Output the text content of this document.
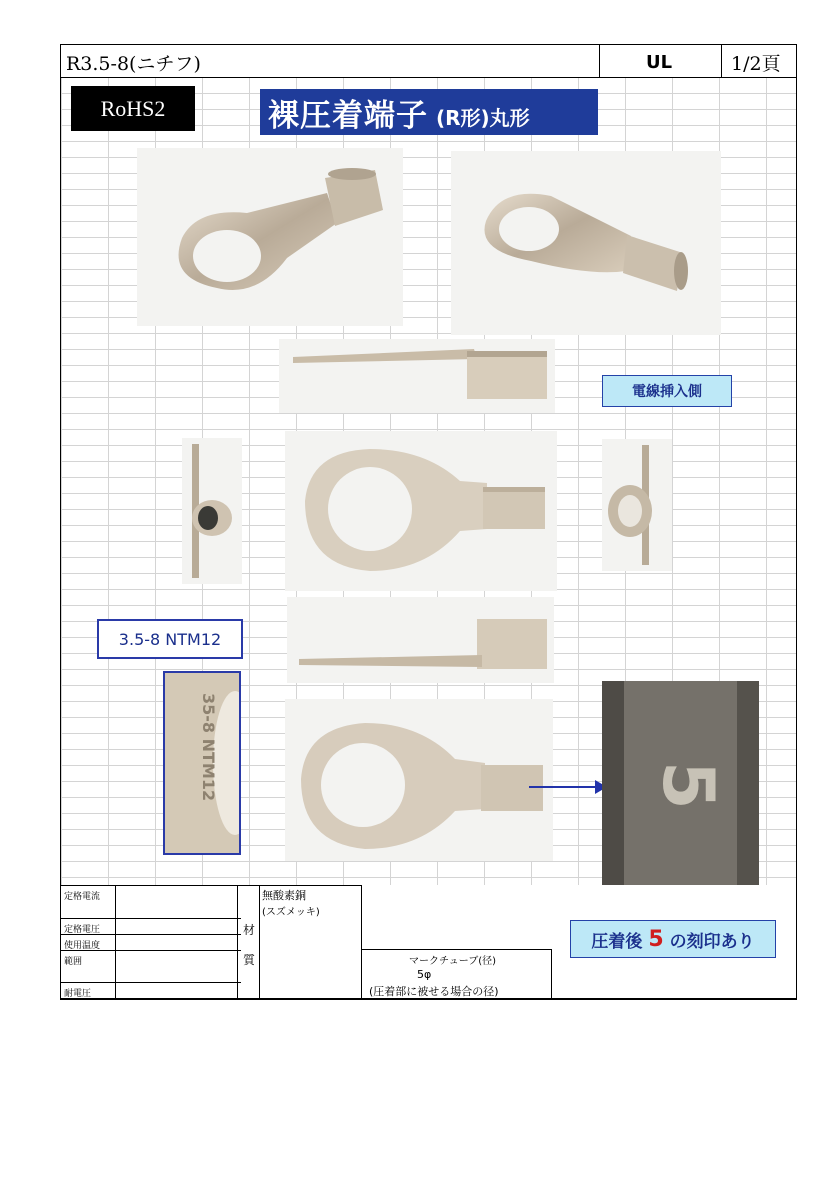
R3.5-8(ニチフ)	UL	1/2頁
RoHS2	裸圧着端子 (R形)丸形
電線挿入側
3.5-8 NTM12
35-8 NTM12	5
定格電流
定格電圧
使用温度
範囲
耐電圧
材
質
無酸素銅
(スズメッキ)
マークチューブ(径)
5φ
(圧着部に被せる場合の径)
圧着後 5 の刻印あり
